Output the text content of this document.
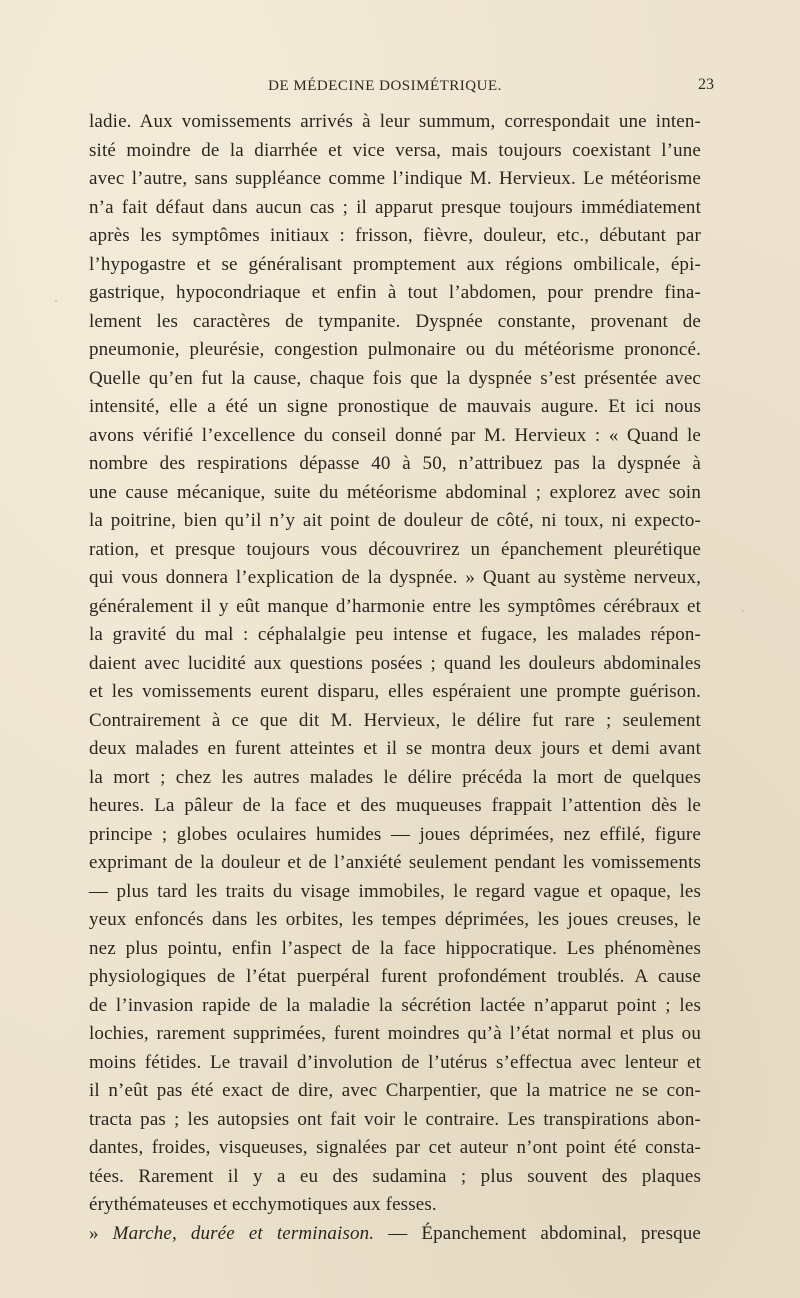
DE MÉDECINE DOSIMÉTRIQUE.	23
ladie. Aux vomissements arrivés à leur summum, correspondait une inten-
sité moindre de la diarrhée et vice versa, mais toujours coexistant l’une
avec l’autre, sans suppléance comme l’indique M. Hervieux. Le météorisme
n’a fait défaut dans aucun cas ; il apparut presque toujours immédiatement
après les symptômes initiaux : frisson, fièvre, douleur, etc., débutant par
l’hypogastre et se généralisant promptement aux régions ombilicale, épi-
gastrique, hypocondriaque et enfin à tout l’abdomen, pour prendre fina-
lement les caractères de tympanite. Dyspnée constante, provenant de
pneumonie, pleurésie, congestion pulmonaire ou du météorisme prononcé.
Quelle qu’en fut la cause, chaque fois que la dyspnée s’est présentée avec
intensité, elle a été un signe pronostique de mauvais augure. Et ici nous
avons vérifié l’excellence du conseil donné par M. Hervieux : « Quand le
nombre des respirations dépasse 40 à 50, n’attribuez pas la dyspnée à
une cause mécanique, suite du météorisme abdominal ; explorez avec soin
la poitrine, bien qu’il n’y ait point de douleur de côté, ni toux, ni expecto-
ration, et presque toujours vous découvrirez un épanchement pleurétique
qui vous donnera l’explication de la dyspnée. » Quant au système nerveux,
généralement il y eût manque d’harmonie entre les symptômes cérébraux et
la gravité du mal : céphalalgie peu intense et fugace, les malades répon-
daient avec lucidité aux questions posées ; quand les douleurs abdominales
et les vomissements eurent disparu, elles espéraient une prompte guérison.
Contrairement à ce que dit M. Hervieux, le délire fut rare ; seulement
deux malades en furent atteintes et il se montra deux jours et demi avant
la mort ; chez les autres malades le délire précéda la mort de quelques
heures. La pâleur de la face et des muqueuses frappait l’attention dès le
principe ; globes oculaires humides — joues déprimées, nez effilé, figure
exprimant de la douleur et de l’anxiété seulement pendant les vomissements
— plus tard les traits du visage immobiles, le regard vague et opaque, les
yeux enfoncés dans les orbites, les tempes déprimées, les joues creuses, le
nez plus pointu, enfin l’aspect de la face hippocratique. Les phénomènes
physiologiques de l’état puerpéral furent profondément troublés. A cause
de l’invasion rapide de la maladie la sécrétion lactée n’apparut point ; les
lochies, rarement supprimées, furent moindres qu’à l’état normal et plus ou
moins fétides. Le travail d’involution de l’utérus s’effectua avec lenteur et
il n’eût pas été exact de dire, avec Charpentier, que la matrice ne se con-
tracta pas ; les autopsies ont fait voir le contraire. Les transpirations abon-
dantes, froides, visqueuses, signalées par cet auteur n’ont point été consta-
tées. Rarement il y a eu des sudamina ; plus souvent des plaques
érythémateuses et ecchymotiques aux fesses.
» Marche, durée et terminaison. — Épanchement abdominal, presque
